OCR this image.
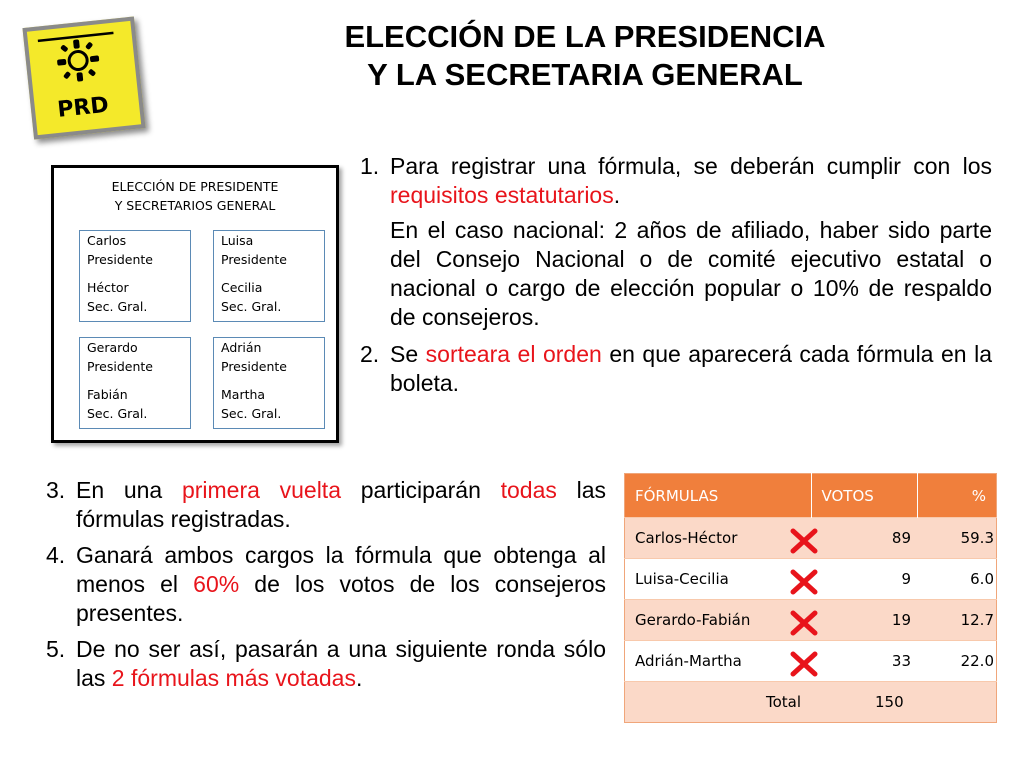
PRD
ELECCIÓN DE LA PRESIDENCIA
Y LA SECRETARIA GENERAL
ELECCIÓN DE PRESIDENTE
Y SECRETARIOS GENERAL
Carlos
Presidente
Héctor
Sec. Gral.
Luisa
Presidente
Cecilia
Sec. Gral.
Gerardo
Presidente
Fabián
Sec. Gral.
Adrián
Presidente
Martha
Sec. Gral.
1. Para registrar una fórmula, se deberán cumplir con los requisitos estatutarios.
En el caso nacional: 2 años de afiliado, haber sido parte del Consejo Nacional o de comité ejecutivo estatal o nacional o cargo de elección popular o 10% de respaldo de consejeros.
2. Se sorteara el orden en que aparecerá cada fórmula en la boleta.
3. En una primera vuelta participarán todas las fórmulas registradas.
4. Ganará ambos cargos la fórmula que obtenga al menos el 60% de los votos de los consejeros presentes.
5. De no ser así, pasarán a una siguiente ronda sólo las 2 fórmulas más votadas.
FÓRMULAS	VOTOS	%
Carlos-Héctor	89	59.3
Luisa-Cecilia	9	6.0
Gerardo-Fabián	19	12.7
Adrián-Martha	33	22.0
Total	150	
